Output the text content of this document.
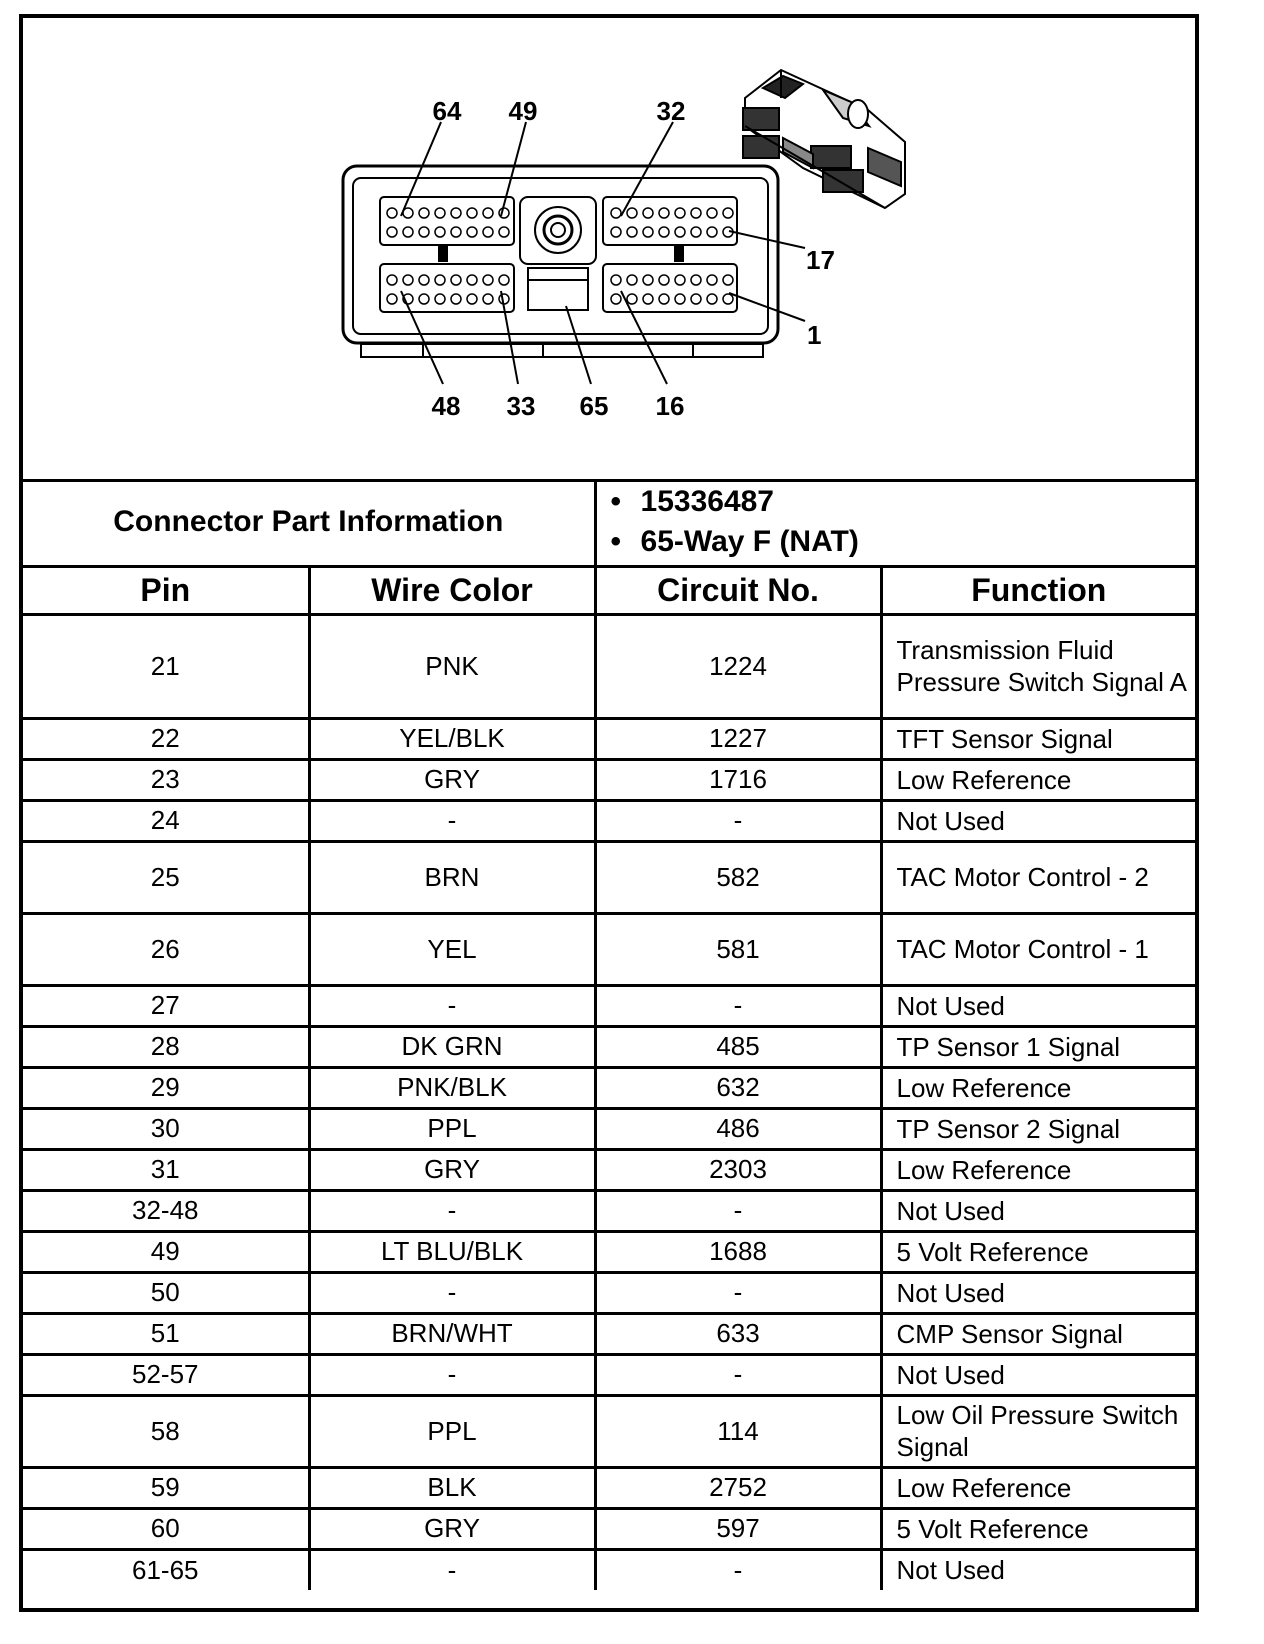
64 49	32
17
1
48 33 65 16
Connector Part Information		• 15336487
• 65-Way F (NAT)

Pin	Wire Color	Circuit No.	Function
21	PNK	1224	Transmission Fluid Pressure Switch Signal A
22	YEL/BLK	1227	TFT Sensor Signal
23	GRY	1716	Low Reference
24	-	-	Not Used
25	BRN	582	TAC Motor Control - 2
26	YEL	581	TAC Motor Control - 1
27	-	-	Not Used
28	DK GRN	485	TP Sensor 1 Signal
29	PNK/BLK	632	Low Reference
30	PPL	486	TP Sensor 2 Signal
31	GRY	2303	Low Reference
32-48	-	-	Not Used
49	LT BLU/BLK	1688	5 Volt Reference
50	-	-	Not Used
51	BRN/WHT	633	CMP Sensor Signal
52-57	-	-	Not Used
58	PPL	114	Low Oil Pressure Switch Signal
59	BLK	2752	Low Reference
60	GRY	597	5 Volt Reference
61-65	-	-	Not Used
